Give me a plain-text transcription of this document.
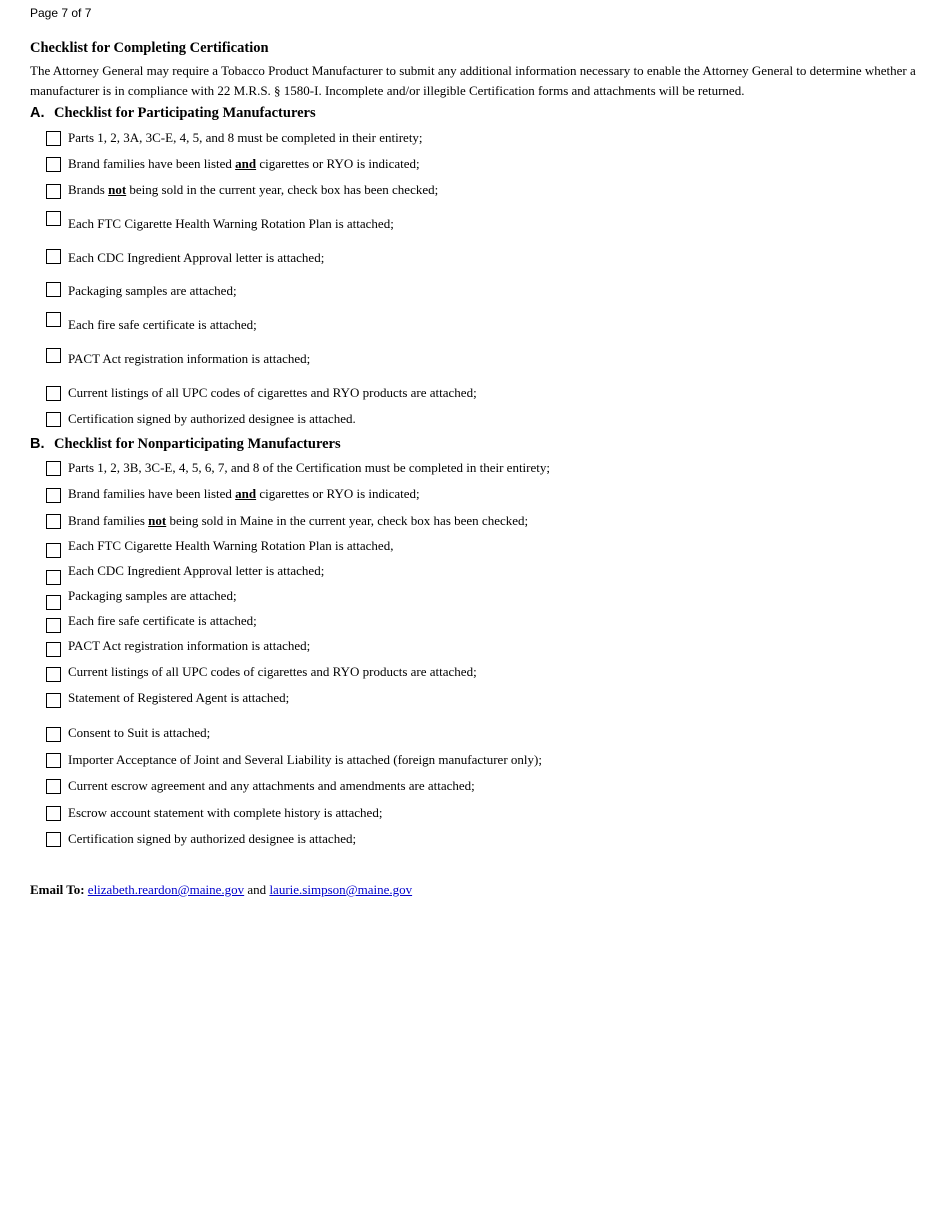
Page 7 of 7
Checklist for Completing Certification
The Attorney General may require a Tobacco Product Manufacturer to submit any additional information necessary to enable the Attorney General to determine whether a manufacturer is in compliance with 22 M.R.S. § 1580-I. Incomplete and/or illegible Certification forms and attachments will be returned.
A. Checklist for Participating Manufacturers
Parts 1, 2, 3A, 3C-E, 4, 5, and 8 must be completed in their entirety;
Brand families have been listed and cigarettes or RYO is indicated;
Brands not being sold in the current year, check box has been checked;
Each FTC Cigarette Health Warning Rotation Plan is attached;
Each CDC Ingredient Approval letter is attached;
Packaging samples are attached;
Each fire safe certificate is attached;
PACT Act registration information is attached;
Current listings of all UPC codes of cigarettes and RYO products are attached;
Certification signed by authorized designee is attached.
B. Checklist for Nonparticipating Manufacturers
Parts 1, 2, 3B, 3C-E, 4, 5, 6, 7, and 8 of the Certification must be completed in their entirety;
Brand families have been listed and cigarettes or RYO is indicated;
Brand families not being sold in Maine in the current year, check box has been checked;
Each FTC Cigarette Health Warning Rotation Plan is attached,
Each CDC Ingredient Approval letter is attached;
Packaging samples are attached;
Each fire safe certificate is attached;
PACT Act registration information is attached;
Current listings of all UPC codes of cigarettes and RYO products are attached;
Statement of Registered Agent is attached;
Consent to Suit is attached;
Importer Acceptance of Joint and Several Liability is attached (foreign manufacturer only);
Current escrow agreement and any attachments and amendments are attached;
Escrow account statement with complete history is attached;
Certification signed by authorized designee is attached;
Email To: elizabeth.reardon@maine.gov and laurie.simpson@maine.gov
